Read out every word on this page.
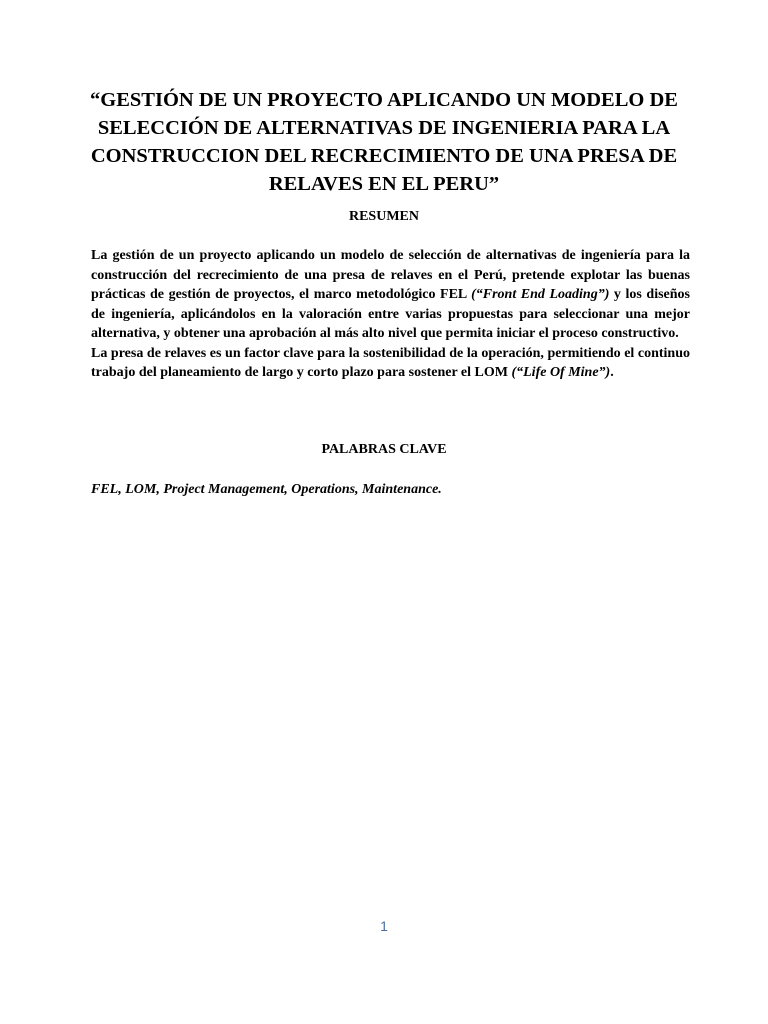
“GESTIÓN DE UN PROYECTO APLICANDO UN MODELO DE SELECCIÓN DE ALTERNATIVAS DE INGENIERIA PARA LA CONSTRUCCION DEL RECRECIMIENTO DE UNA PRESA DE RELAVES EN EL PERU”
RESUMEN

La gestión de un proyecto aplicando un modelo de selección de alternativas de ingeniería para la construcción del recrecimiento de una presa de relaves en el Perú, pretende explotar las buenas prácticas de gestión de proyectos, el marco metodológico FEL (“Front End Loading”) y los diseños de ingeniería, aplicándolos en la valoración entre varias propuestas para seleccionar una mejor alternativa, y obtener una aprobación al más alto nivel que permita iniciar el proceso constructivo.

La presa de relaves es un factor clave para la sostenibilidad de la operación, permitiendo el continuo trabajo del planeamiento de largo y corto plazo para sostener el LOM (“Life Of Mine”).

PALABRAS CLAVE

FEL, LOM, Project Management, Operations, Maintenance.

1
